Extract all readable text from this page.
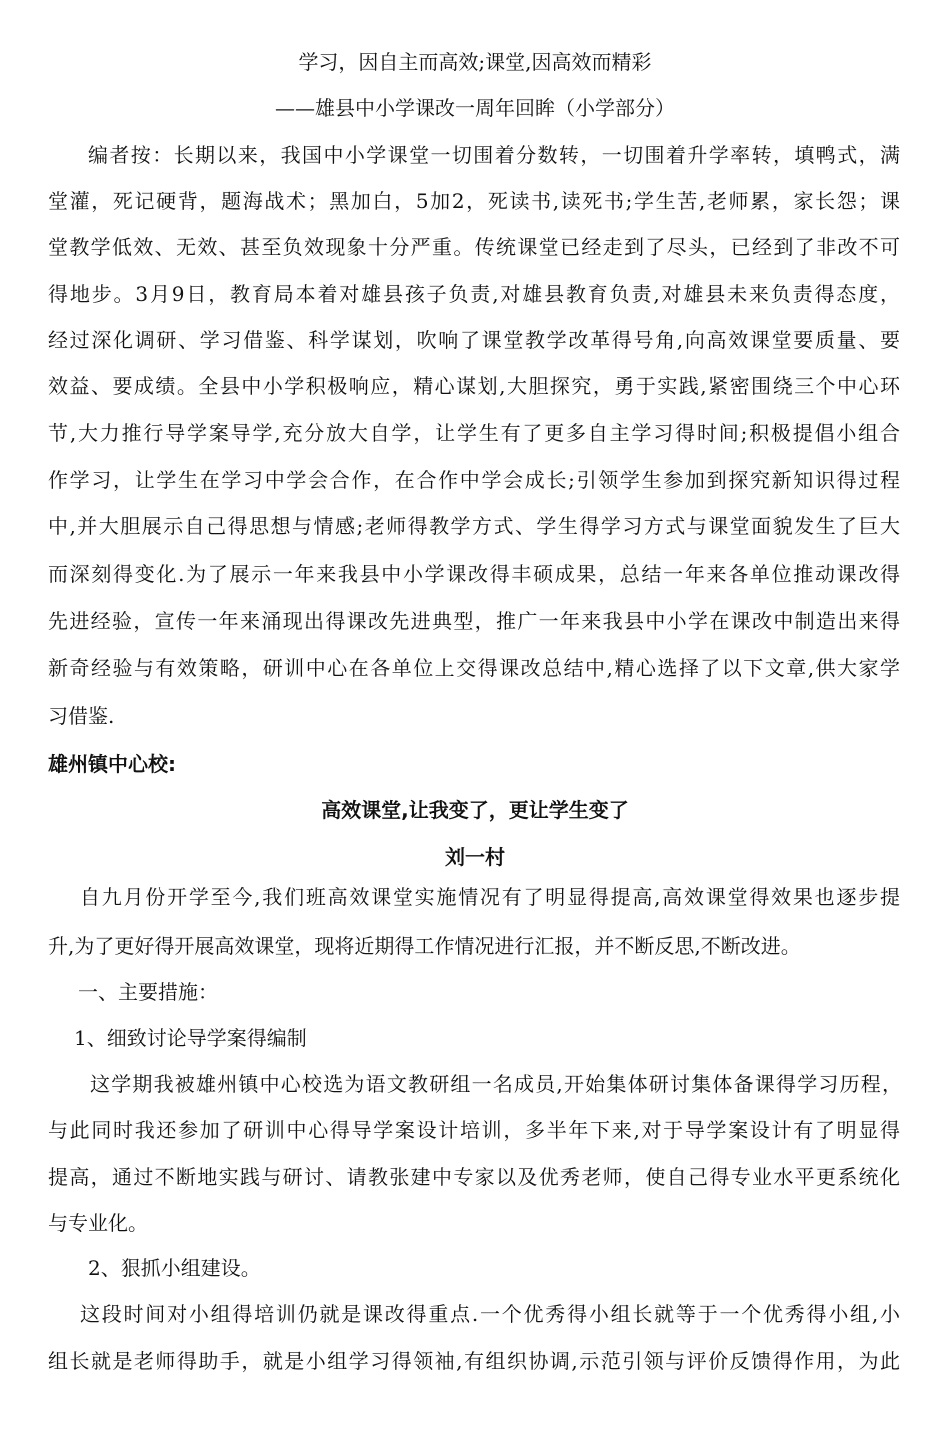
学习，因自主而高效;课堂,因高效而精彩
——雄县中小学课改一周年回眸（小学部分）
编者按：长期以来，我国中小学课堂一切围着分数转，一切围着升学率转，填鸭式，满
堂灌，死记硬背，题海战术；黑加白，5加2，死读书,读死书;学生苦,老师累，家长怨；课
堂教学低效、无效、甚至负效现象十分严重。传统课堂已经走到了尽头，已经到了非改不可
得地步。3月9日，教育局本着对雄县孩子负责,对雄县教育负责,对雄县未来负责得态度，
经过深化调研、学习借鉴、科学谋划，吹响了课堂教学改革得号角,向高效课堂要质量、要
效益、要成绩。全县中小学积极响应，精心谋划,大胆探究，勇于实践,紧密围绕三个中心环
节,大力推行导学案导学,充分放大自学，让学生有了更多自主学习得时间;积极提倡小组合
作学习，让学生在学习中学会合作，在合作中学会成长;引领学生参加到探究新知识得过程
中,并大胆展示自己得思想与情感;老师得教学方式、学生得学习方式与课堂面貌发生了巨大
而深刻得变化.为了展示一年来我县中小学课改得丰硕成果，总结一年来各单位推动课改得
先进经验，宣传一年来涌现出得课改先进典型，推广一年来我县中小学在课改中制造出来得
新奇经验与有效策略，研训中心在各单位上交得课改总结中,精心选择了以下文章,供大家学
习借鉴.
雄州镇中心校:
高效课堂,让我变了，更让学生变了
刘一村
自九月份开学至今,我们班高效课堂实施情况有了明显得提高,高效课堂得效果也逐步提
升,为了更好得开展高效课堂，现将近期得工作情况进行汇报，并不断反思,不断改进。
一、主要措施：
1、细致讨论导学案得编制
这学期我被雄州镇中心校选为语文教研组一名成员,开始集体研讨集体备课得学习历程，
与此同时我还参加了研训中心得导学案设计培训，多半年下来,对于导学案设计有了明显得
提高，通过不断地实践与研讨、请教张建中专家以及优秀老师，使自己得专业水平更系统化
与专业化。
2、狠抓小组建设。
这段时间对小组得培训仍就是课改得重点.一个优秀得小组长就等于一个优秀得小组,小
组长就是老师得助手，就是小组学习得领袖,有组织协调,示范引领与评价反馈得作用，为此
